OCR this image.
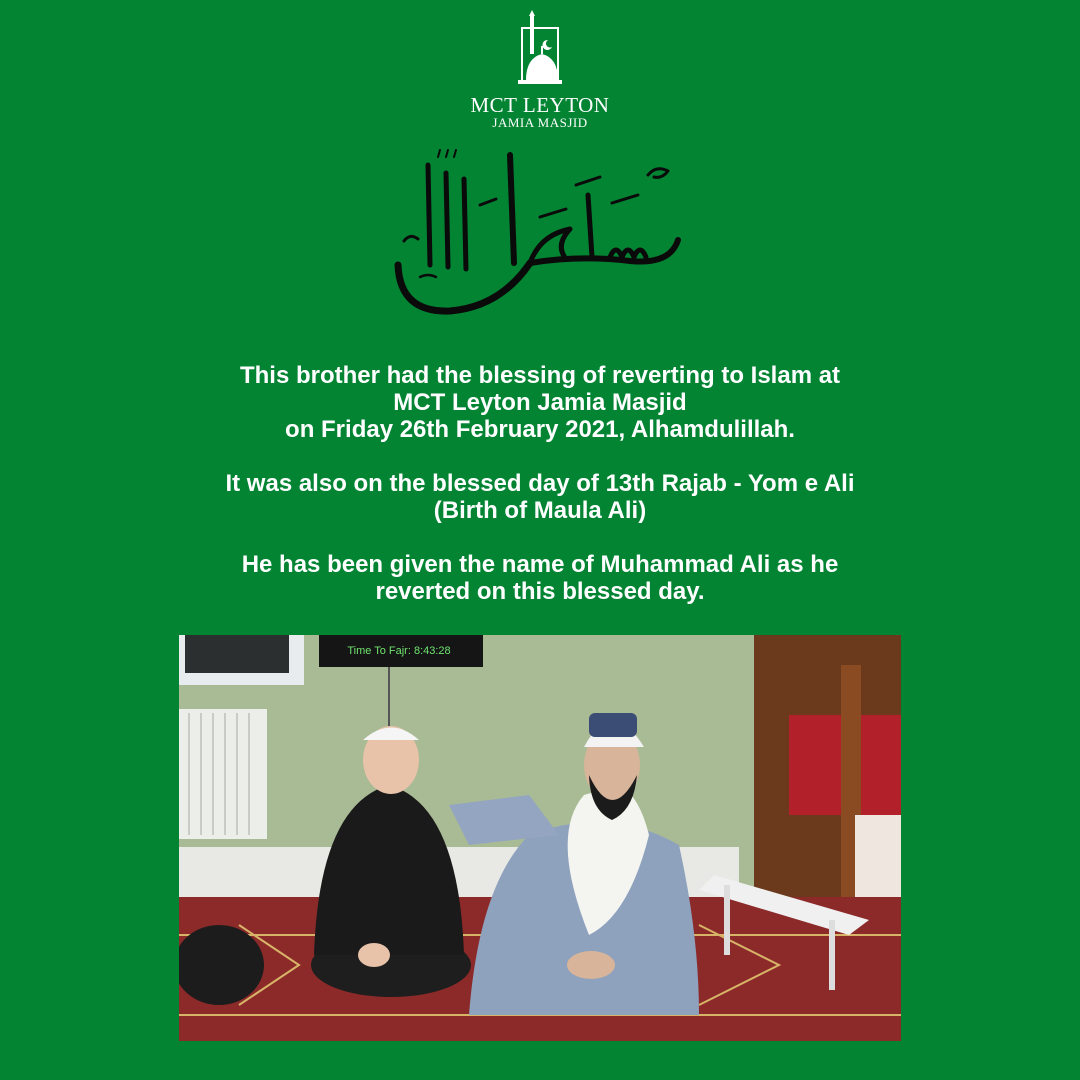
MCT LEYTON
JAMIA MASJID

This brother had the blessing of reverting to Islam at

MCT Leyton Jamia Masjid

on Friday 26th February 2021, Alhamdulillah.

It was also on the blessed day of 13th Rajab - Yom e Ali

(Birth of Maula Ali)

He has been given the name of Muhammad Ali as he

reverted on this blessed day.

Time To Fajr: 8:43:28
